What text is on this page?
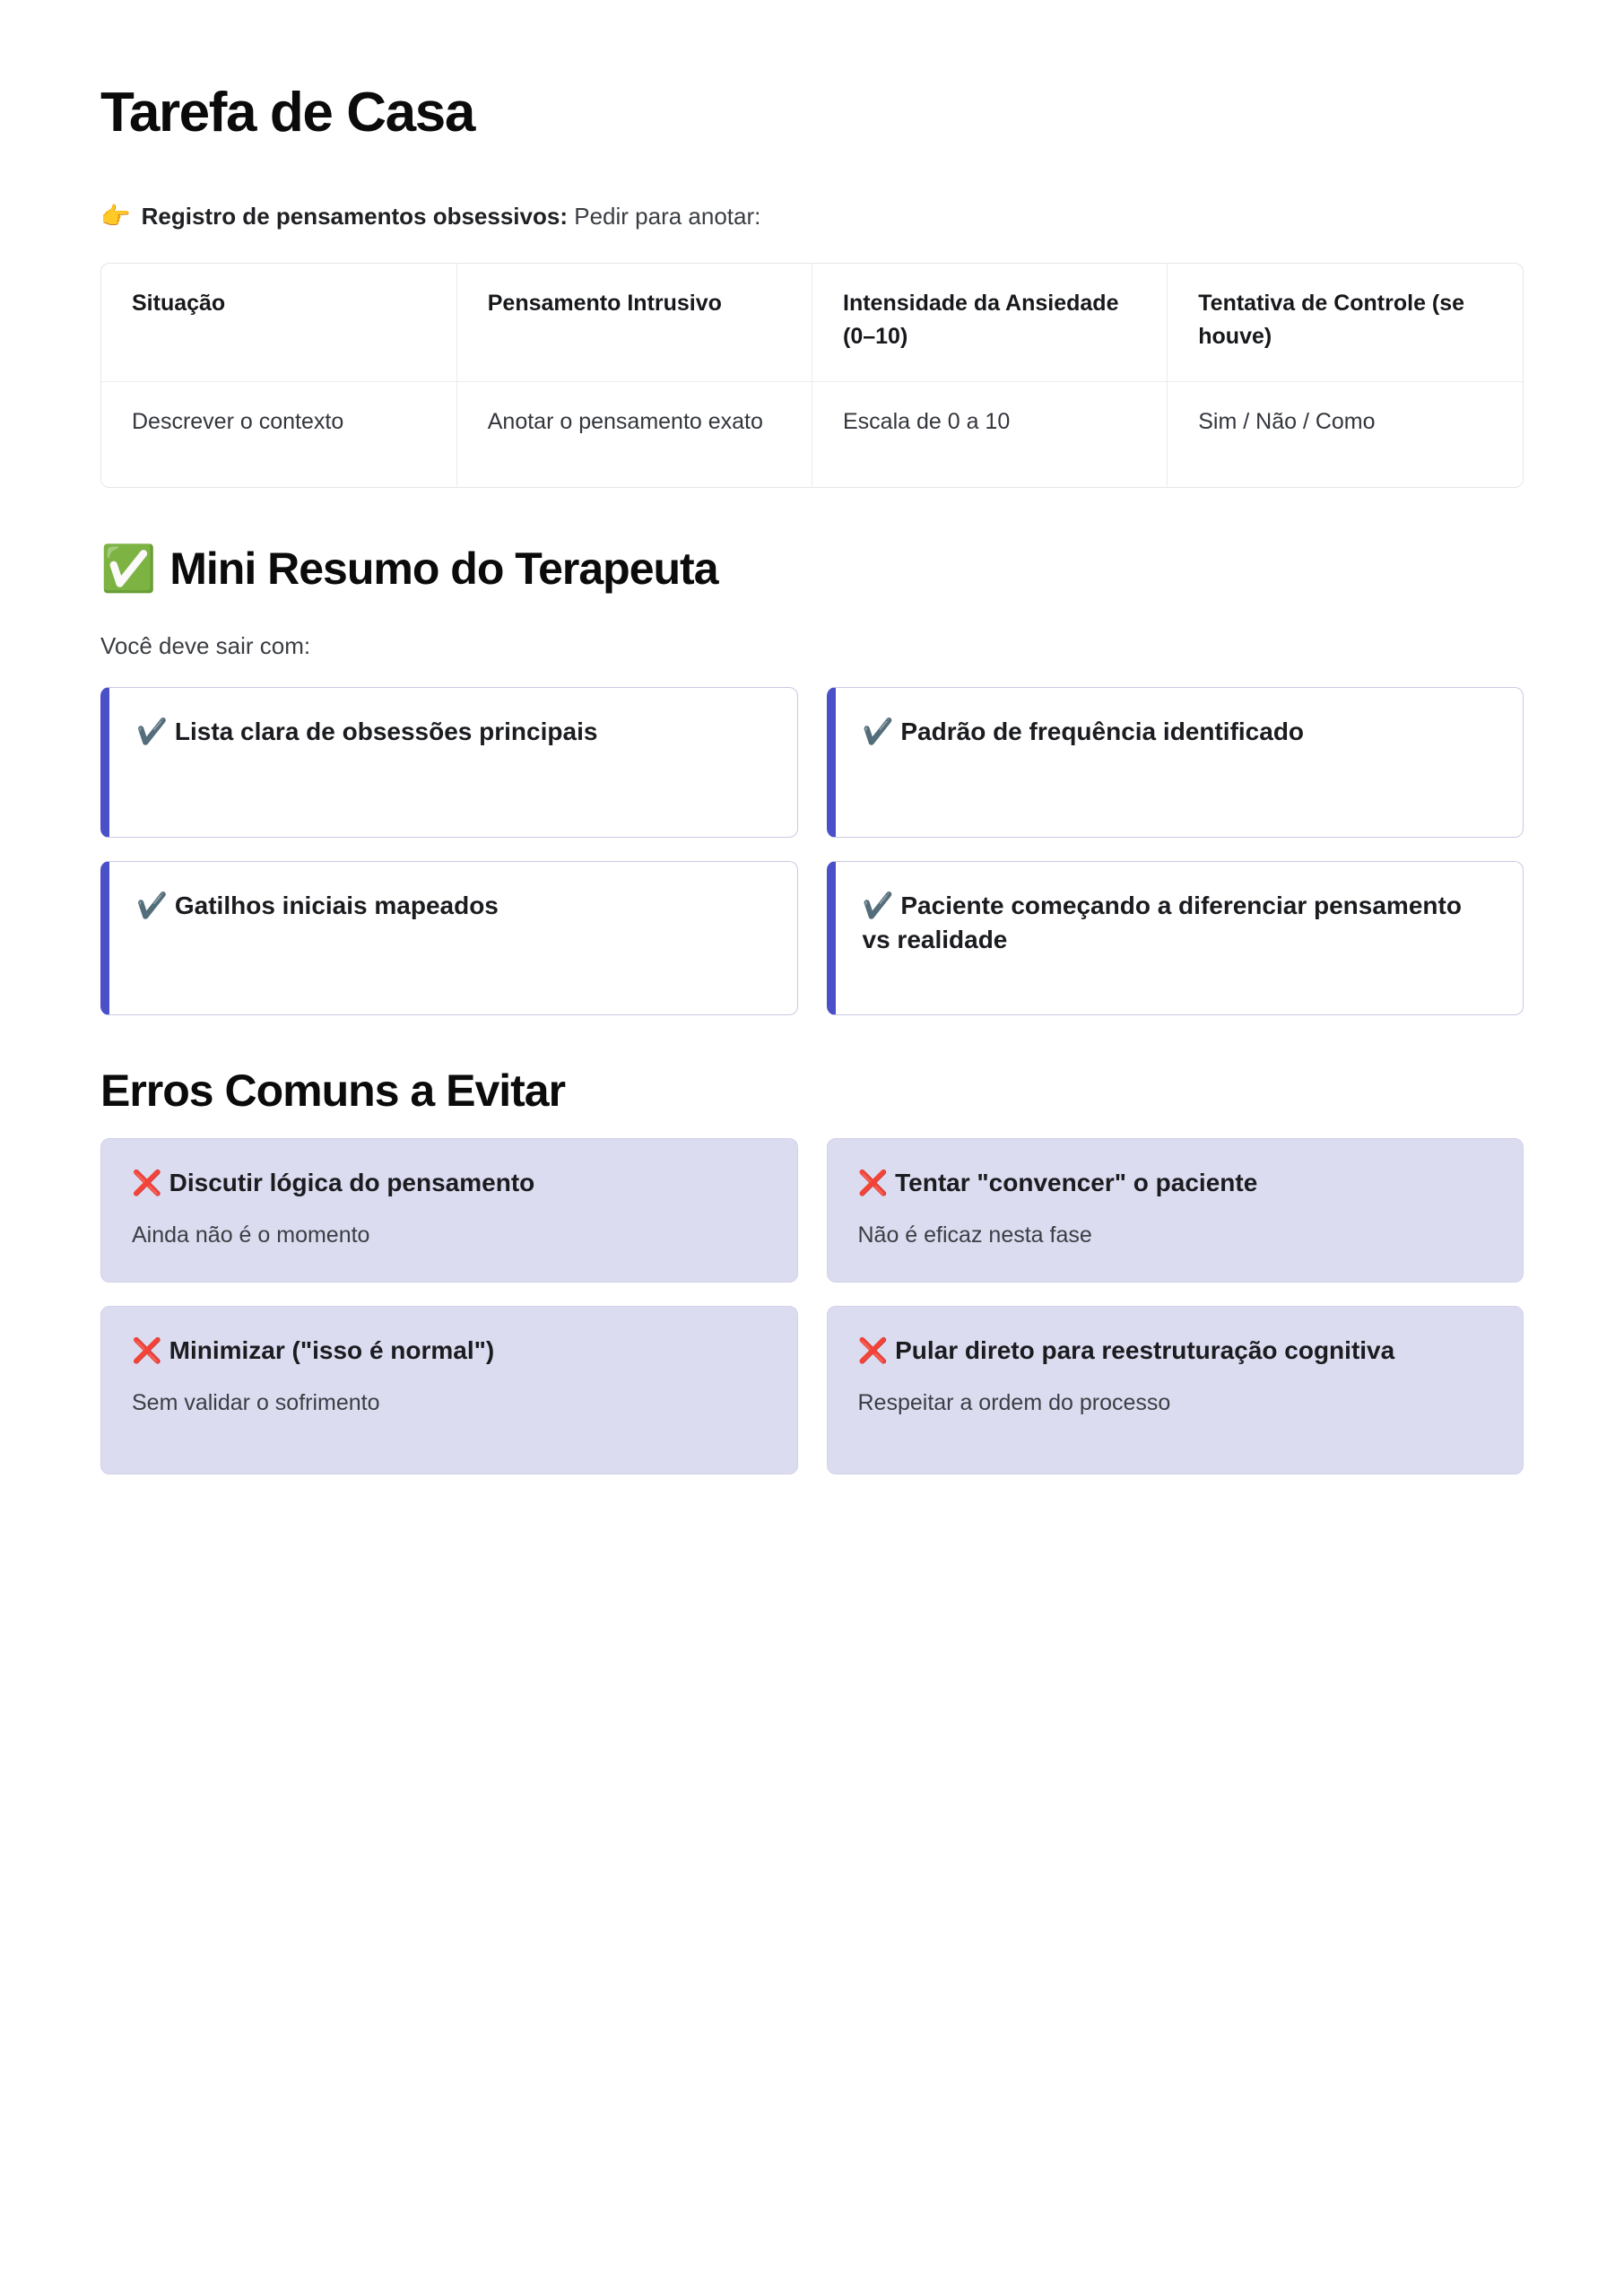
Tarefa de Casa

👉 Registro de pensamentos obsessivos: Pedir para anotar:

Situação	Pensamento Intrusivo	Intensidade da Ansiedade (0–10)	Tentativa de Controle (se houve)
Descrever o contexto	Anotar o pensamento exato	Escala de 0 a 10	Sim / Não / Como
✅ Mini Resumo do Terapeuta

Você deve sair com:

✔️ Lista clara de obsessões principais	✔️ Padrão de frequência identificado
✔️ Gatilhos iniciais mapeados	✔️ Paciente começando a diferenciar pensamento vs realidade
Erros Comuns a Evitar
❌ Discutir lógica do pensamento
Ainda não é o momento
❌ Tentar "convencer" o paciente
Não é eficaz nesta fase
❌ Minimizar ("isso é normal")
Sem validar o sofrimento
❌ Pular direto para reestruturação cognitiva
Respeitar a ordem do processo
